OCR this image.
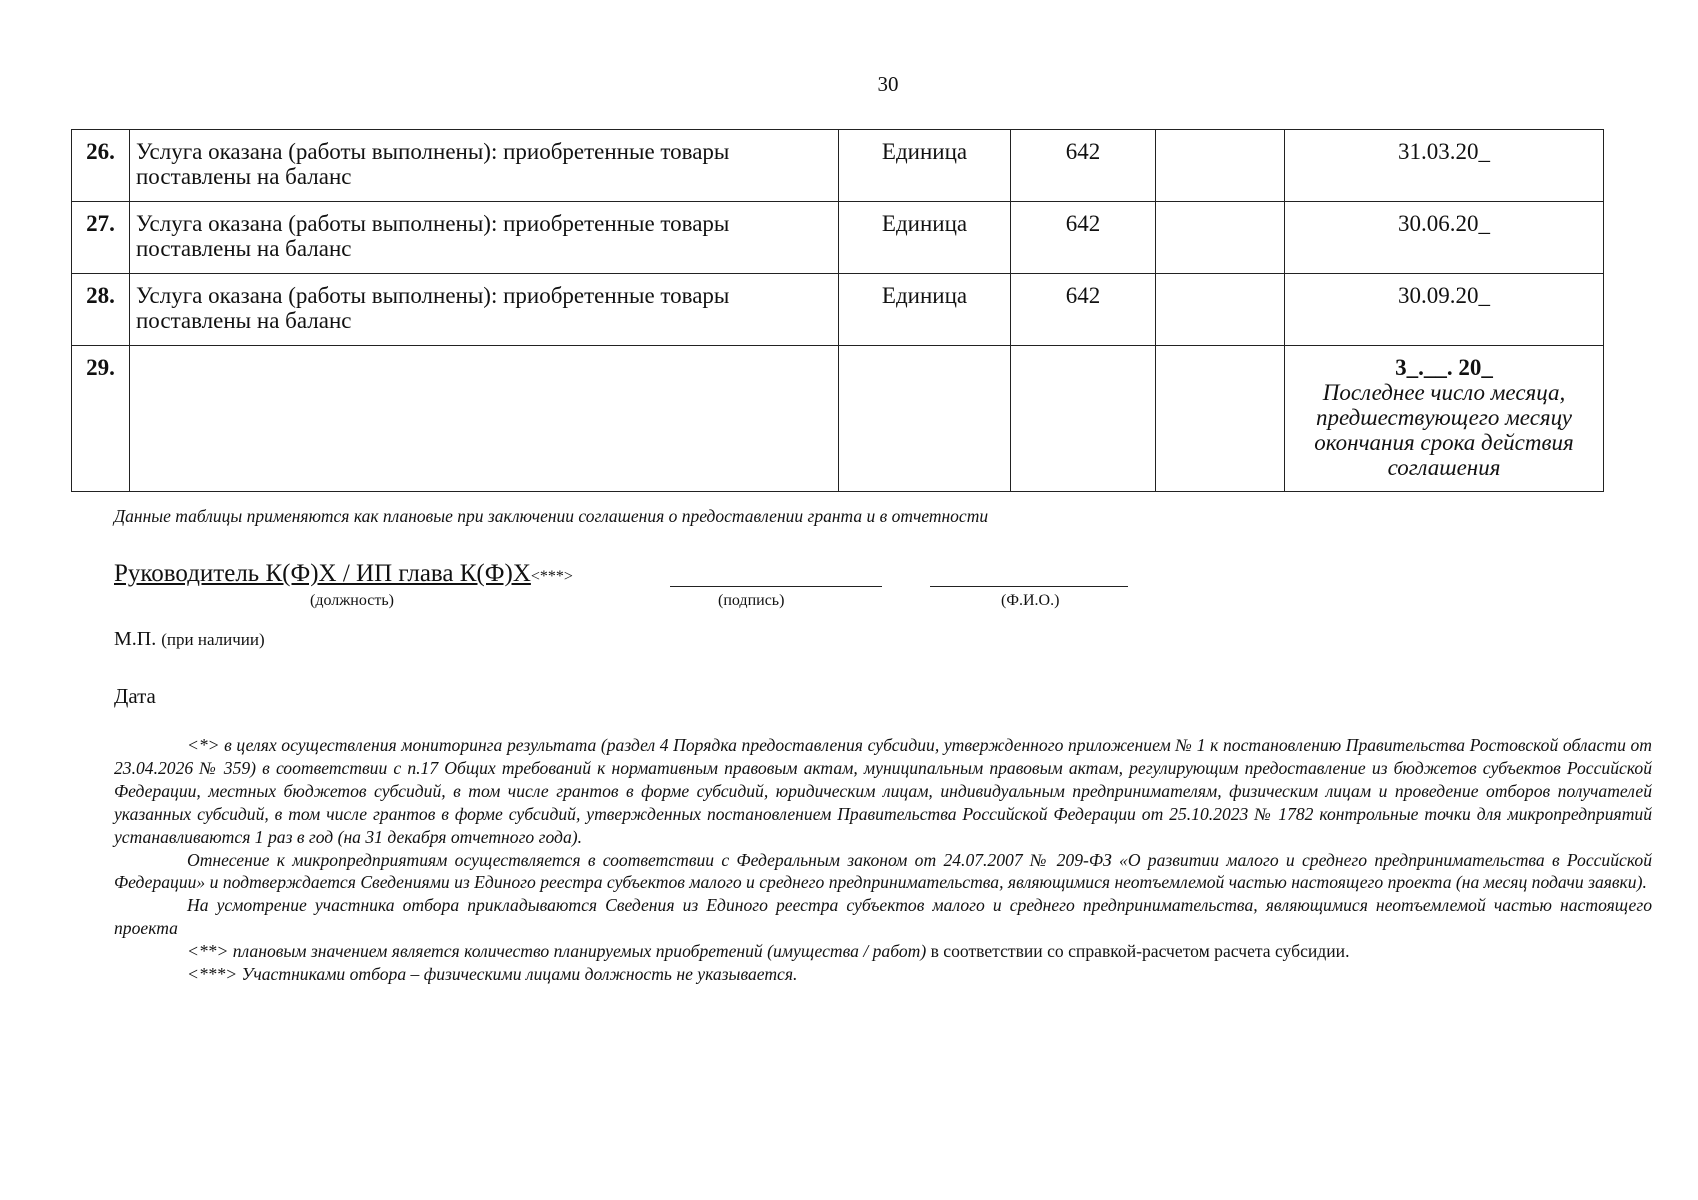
30
26.	Услуга оказана (работы выполнены): приобретенные товары поставлены на баланс	Единица	642		31.03.20_
27.	Услуга оказана (работы выполнены): приобретенные товары поставлены на баланс	Единица	642		30.06.20_
28.	Услуга оказана (работы выполнены): приобретенные товары поставлены на баланс	Единица	642		30.09.20_
29.					3_.__. 20_
Последнее число месяца, предшествующего месяцу окончания срока действия соглашения
Данные таблицы применяются как плановые при заключении соглашения о предоставлении гранта и в отчетности
Руководитель К(Ф)Х / ИП глава К(Ф)Х<***>
(должность)	(подпись)	(Ф.И.О.)
М.П. (при наличии)
Дата

<*> в целях осуществления мониторинга результата (раздел 4 Порядка предоставления субсидии, утвержденного приложением № 1 к постановлению Правительства Ростовской области от 23.04.2026 № 359) в соответствии с п.17 Общих требований к нормативным правовым актам, муниципальным правовым актам, регулирующим предоставление из бюджетов субъектов Российской Федерации, местных бюджетов субсидий, в том числе грантов в форме субсидий, юридическим лицам, индивидуальным предпринимателям, физическим лицам и проведение отборов получателей указанных субсидий, в том числе грантов в форме субсидий, утвержденных постановлением Правительства Российской Федерации от 25.10.2023 № 1782 контрольные точки для микропредприятий устанавливаются 1 раз в год (на 31 декабря отчетного года).

Отнесение к микропредприятиям осуществляется в соответствии с Федеральным законом от 24.07.2007 № 209-ФЗ «О развитии малого и среднего предпринимательства в Российской Федерации» и подтверждается Сведениями из Единого реестра субъектов малого и среднего предпринимательства, являющимися неотъемлемой частью настоящего проекта (на месяц подачи заявки).

На усмотрение участника отбора прикладываются Сведения из Единого реестра субъектов малого и среднего предпринимательства, являющимися неотъемлемой частью настоящего проекта

<**> плановым значением является количество планируемых приобретений (имущества / работ) в соответствии со справкой-расчетом расчета субсидии.

<***> Участниками отбора – физическими лицами должность не указывается.
